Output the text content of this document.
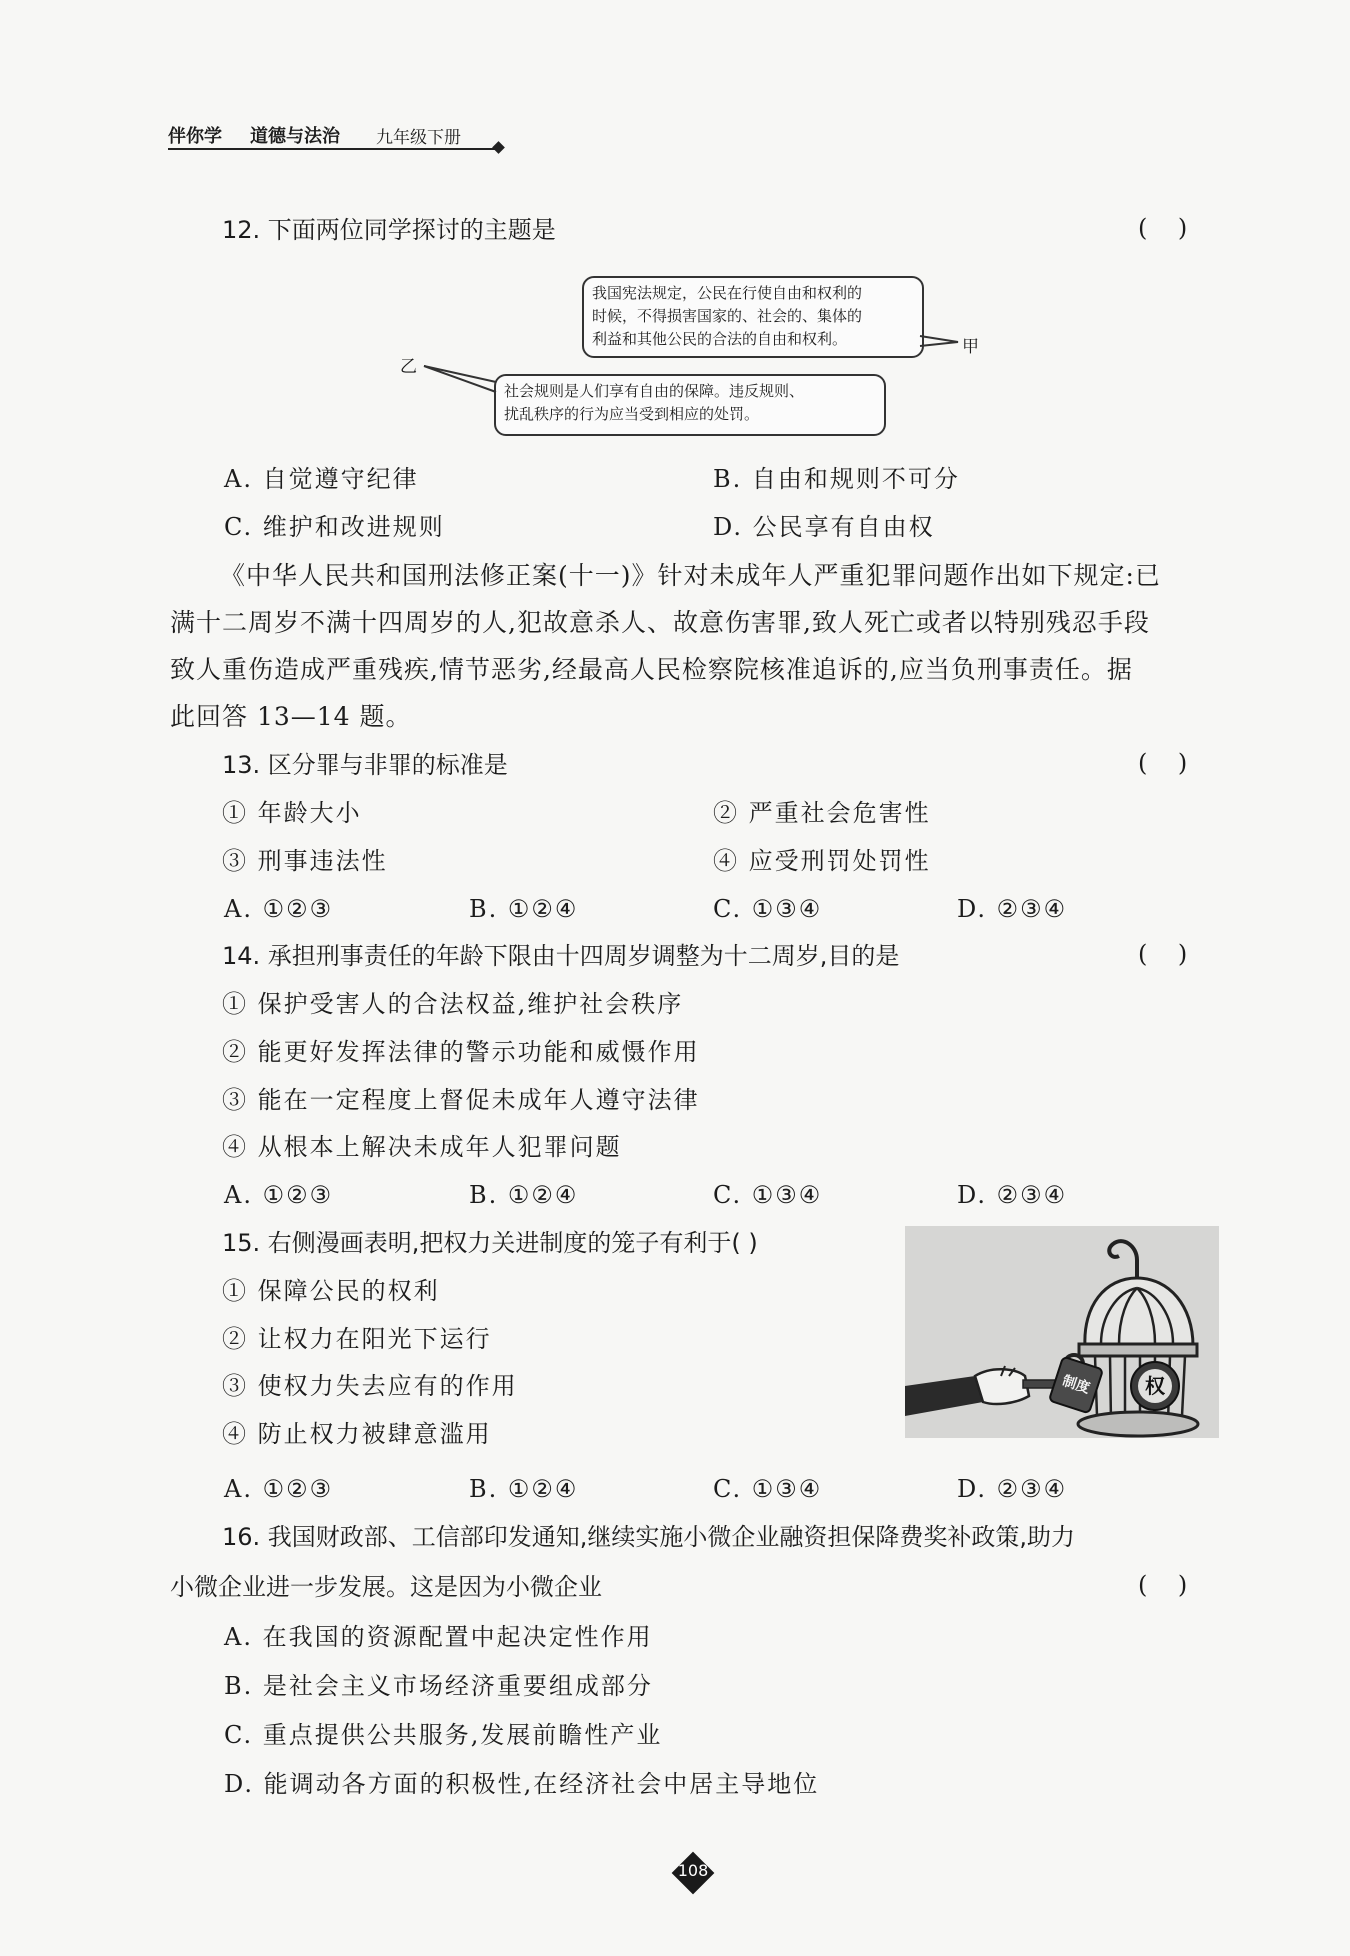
伴你学 道德与法治 九年级下册
12. 下面两位同学探讨的主题是	(    )
我国宪法规定，公民在行使自由和权利的
时候，不得损害国家的、社会的、集体的
利益和其他公民的合法的自由和权利。	甲
社会规则是人们享有自由的保障。违反规则、
扰乱秩序的行为应当受到相应的处罚。
乙
A. 自觉遵守纪律	B. 自由和规则不可分
C. 维护和改进规则	D. 公民享有自由权
《中华人民共和国刑法修正案(十一)》针对未成年人严重犯罪问题作出如下规定:已
满十二周岁不满十四周岁的人,犯故意杀人、故意伤害罪,致人死亡或者以特别残忍手段
致人重伤造成严重残疾,情节恶劣,经最高人民检察院核准追诉的,应当负刑事责任。据
此回答 13—14 题。
13. 区分罪与非罪的标准是	(    )
① 年龄大小	② 严重社会危害性
③ 刑事违法性	④ 应受刑罚处罚性
A. ①②③	B. ①②④	C. ①③④	D. ②③④
14. 承担刑事责任的年龄下限由十四周岁调整为十二周岁,目的是	(    )
① 保护受害人的合法权益,维护社会秩序
② 能更好发挥法律的警示功能和威慑作用
③ 能在一定程度上督促未成年人遵守法律
④ 从根本上解决未成年人犯罪问题
A. ①②③	B. ①②④	C. ①③④	D. ②③④
15. 右侧漫画表明,把权力关进制度的笼子有利于( )
① 保障公民的权利
② 让权力在阳光下运行
③ 使权力失去应有的作用
④ 防止权力被肆意滥用
A. ①②③	B. ①②④	C. ①③④	D. ②③④
权
制度
16. 我国财政部、工信部印发通知,继续实施小微企业融资担保降费奖补政策,助力
小微企业进一步发展。这是因为小微企业	(    )
A. 在我国的资源配置中起决定性作用
B. 是社会主义市场经济重要组成部分
C. 重点提供公共服务,发展前瞻性产业
D. 能调动各方面的积极性,在经济社会中居主导地位
108
